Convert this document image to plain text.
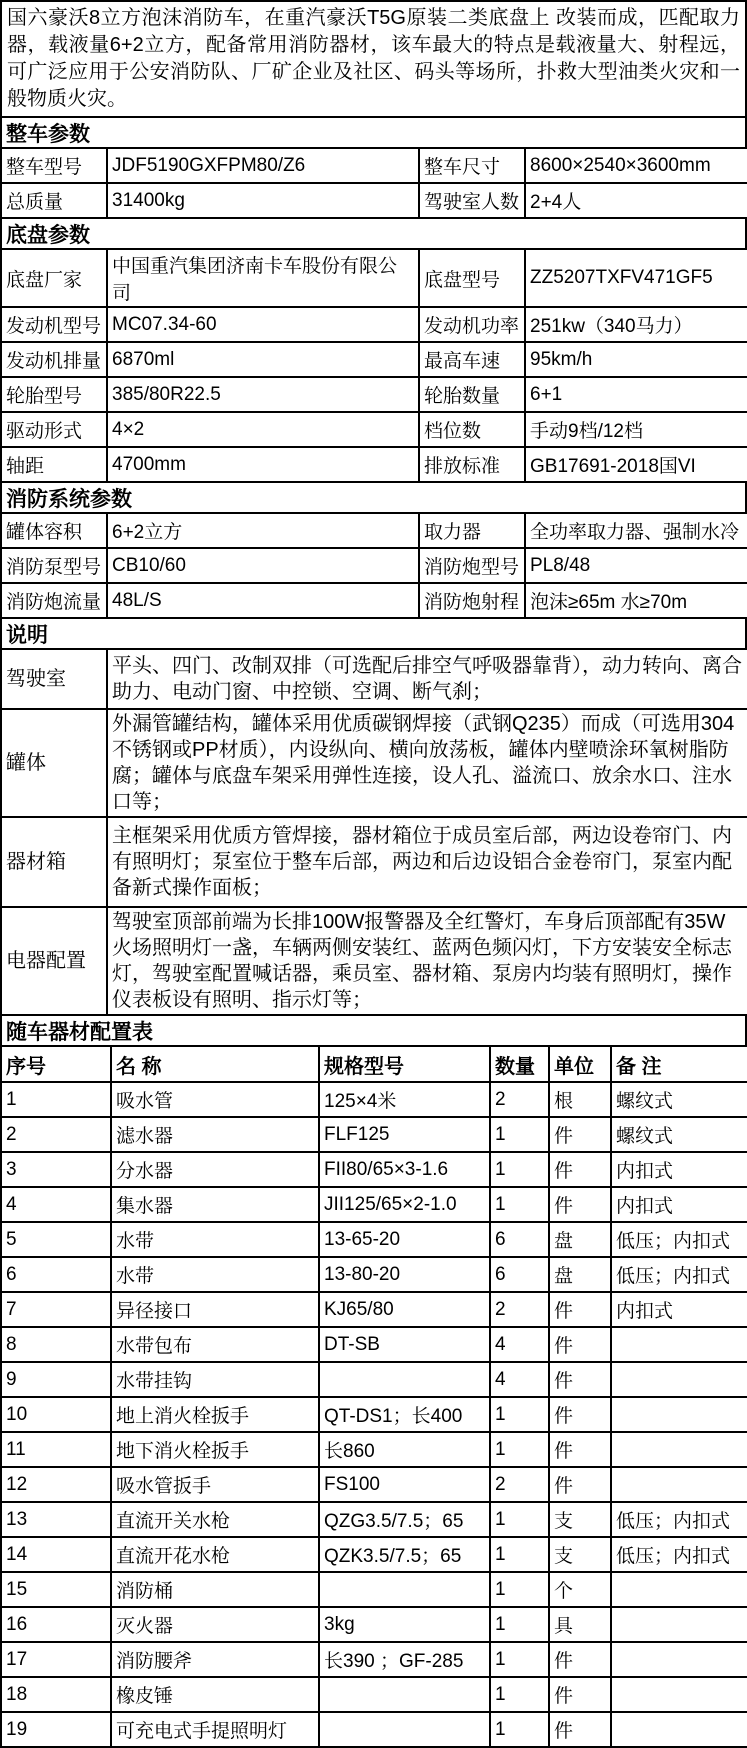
国六豪沃8立方泡沫消防车，在重汽豪沃T5G原装二类底盘上 改装而成，匹配取力器，载液量6+2立方，配备常用消防器材，该车最大的特点是载液量大、射程远，可广泛应用于公安消防队、厂矿企业及社区、码头等场所，扑救大型油类火灾和一般物质火灾。
整车参数
整车型号	JDF5190GXFPM80/Z6	整车尺寸	8600×2540×3600mm
总质量	31400kg	驾驶室人数	2+4人
底盘参数
底盘厂家	中国重汽集团济南卡车股份有限公司	底盘型号	ZZ5207TXFV471GF5
发动机型号	MC07.34-60	发动机功率	251kw（340马力）
发动机排量	6870ml	最高车速	95km/h
轮胎型号	385/80R22.5	轮胎数量	6+1
驱动形式	4×2	档位数	手动9档/12档
轴距	4700mm	排放标准	GB17691-2018国VI
消防系统参数
罐体容积	6+2立方	取力器	全功率取力器、强制水冷
消防泵型号	CB10/60	消防炮型号	PL8/48
消防炮流量	48L/S	消防炮射程	泡沫≥65m 水≥70m
说明
驾驶室	平头、四门、改制双排（可选配后排空气呼吸器靠背），动力转向、离合助力、电动门窗、中控锁、空调、断气刹；
罐体	外漏管罐结构，罐体采用优质碳钢焊接（武钢Q235）而成（可选用304不锈钢或PP材质），内设纵向、横向放荡板，罐体内壁喷涂环氧树脂防腐；罐体与底盘车架采用弹性连接，设人孔、溢流口、放余水口、注水口等；
器材箱	主框架采用优质方管焊接，器材箱位于成员室后部，两边设卷帘门、内有照明灯；泵室位于整车后部，两边和后边设铝合金卷帘门，泵室内配备新式操作面板；
电器配置	驾驶室顶部前端为长排100W报警器及全红警灯，车身后顶部配有35W火场照明灯一盏，车辆两侧安装红、蓝两色频闪灯，下方安装安全标志灯，驾驶室配置喊话器，乘员室、器材箱、泵房内均装有照明灯，操作仪表板设有照明、指示灯等；
随车器材配置表
序号	名 称	规格型号	数量	单位	备 注
1	吸水管	125×4米	2	根	螺纹式
2	滤水器	FLF125	1	件	螺纹式
3	分水器	FII80/65×3-1.6	1	件	内扣式
4	集水器	JII125/65×2-1.0	1	件	内扣式
5	水带	13-65-20	6	盘	低压；内扣式
6	水带	13-80-20	6	盘	低压；内扣式
7	异径接口	KJ65/80	2	件	内扣式
8	水带包布	DT-SB	4	件	
9	水带挂钩		4	件	
10	地上消火栓扳手	QT-DS1；长400	1	件	
11	地下消火栓扳手	长860	1	件	
12	吸水管扳手	FS100	2	件	
13	直流开关水枪	QZG3.5/7.5；65	1	支	低压；内扣式
14	直流开花水枪	QZK3.5/7.5；65	1	支	低压；内扣式
15	消防桶		1	个	
16	灭火器	3kg	1	具	
17	消防腰斧	长390 ；GF-285	1	件	
18	橡皮锤		1	件	
19	可充电式手提照明灯		1	件	
